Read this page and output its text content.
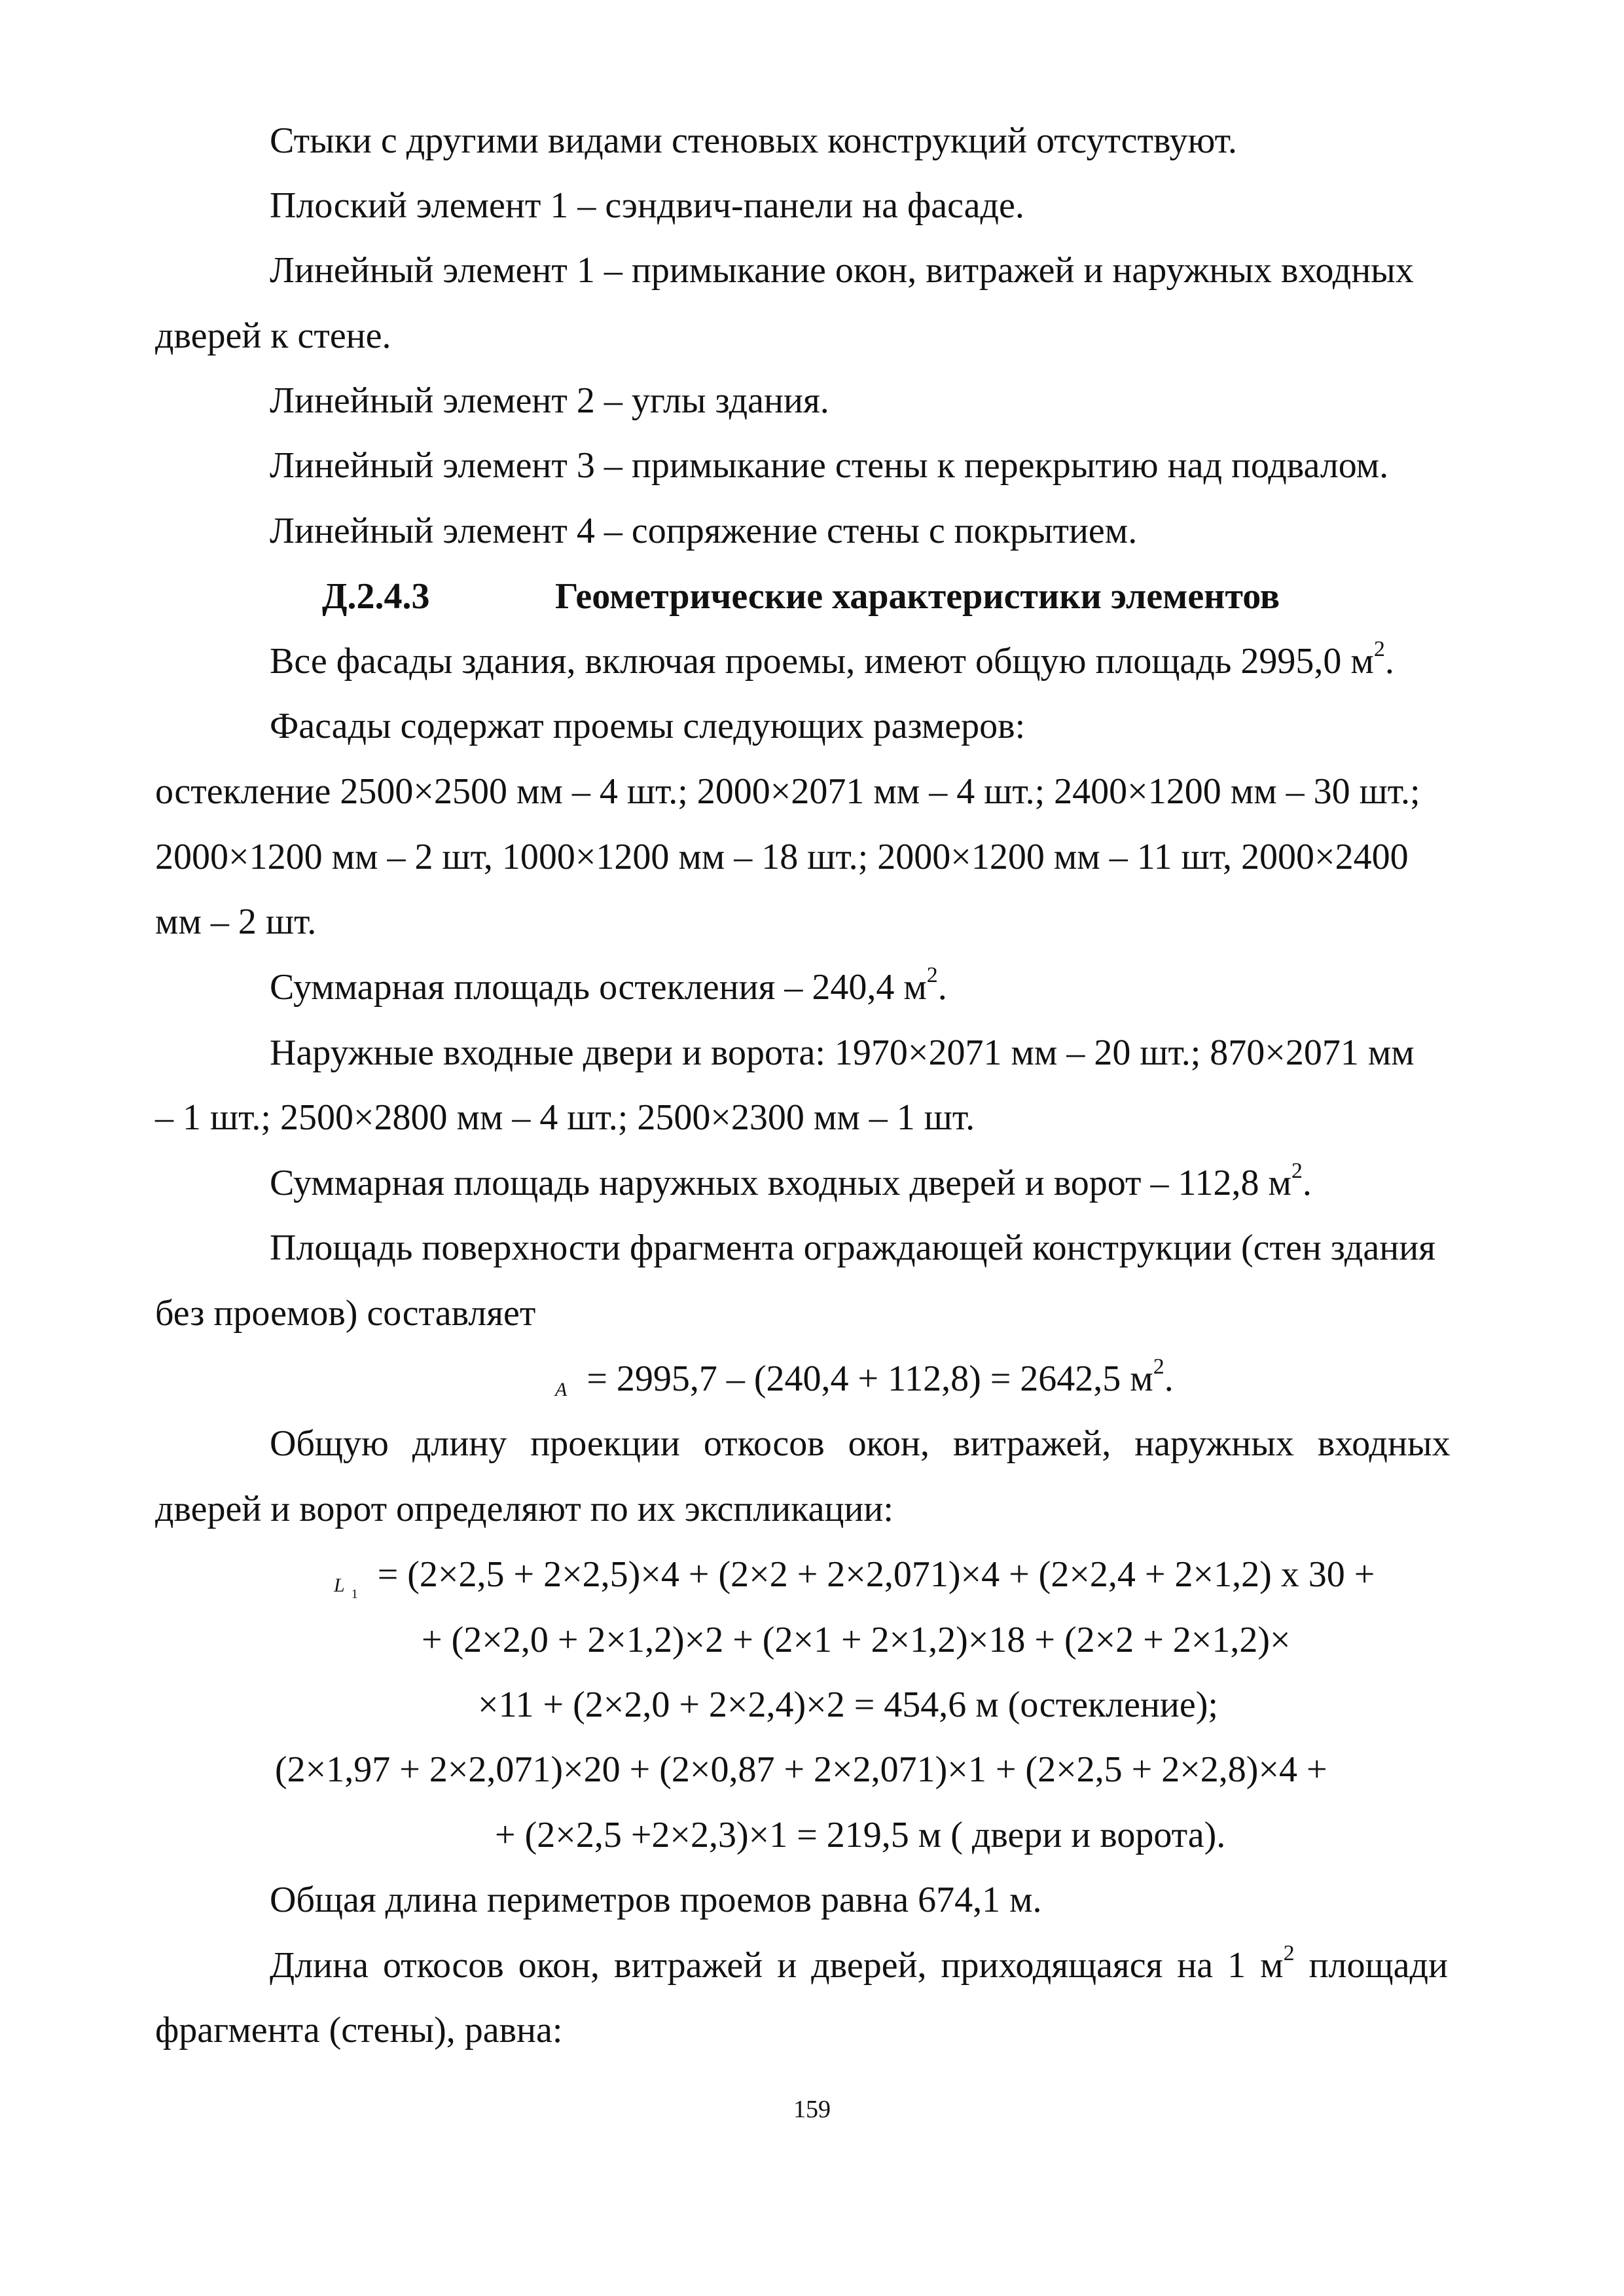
Стыки с другими видами стеновых конструкций отсутствуют.
Плоский элемент 1 – сэндвич-панели на фасаде.
Линейный элемент 1 – примыкание окон, витражей и наружных входных
дверей к стене.
Линейный элемент 2 – углы здания.
Линейный элемент 3 – примыкание стены к перекрытию над подвалом.
Линейный элемент 4 – сопряжение стены с покрытием.
Д.2.4.3	Геометрические характеристики элементов
Все фасады здания, включая проемы, имеют общую площадь 2995,0 $м^2$.
Фасады содержат проемы следующих размеров:
остекление 2500×2500 мм – 4 шт.; 2000×2071 мм – 4 шт.; 2400×1200 мм – 30 шт.;
2000×1200 мм – 2 шт, 1000×1200 мм – 18 шт.; 2000×1200 мм – 11 шт, 2000×2400
мм – 2 шт.
Суммарная площадь остекления – 240,4 $м^2$.
Наружные входные двери и ворота: 1970×2071 мм – 20 шт.; 870×2071 мм
– 1 шт.; 2500×2800 мм – 4 шт.; 2500×2300 мм – 1 шт.
Суммарная площадь наружных входных дверей и ворот – 112,8 $м^2$.
Площадь поверхности фрагмента ограждающей конструкции (стен здания
без проемов) составляет
A = 2995,7 – (240,4 + 112,8) = 2642,5 $м^2$.
Общую длину проекции откосов окон, витражей, наружных входных
дверей и ворот определяют по их экспликации:
L $_1$ = (2×2,5 + 2×2,5)×4 + (2×2 + 2×2,071)×4 + (2×2,4 + 2×1,2) x 30 +
+ (2×2,0 + 2×1,2)×2 + (2×1 + 2×1,2)×18 + (2×2 + 2×1,2)×
×11 + (2×2,0 + 2×2,4)×2 = 454,6 м (остекление);
(2×1,97 + 2×2,071)×20 + (2×0,87 + 2×2,071)×1 + (2×2,5 + 2×2,8)×4 +
+ (2×2,5 +2×2,3)×1 = 219,5 м ( двери и ворота).
Общая длина периметров проемов равна 674,1 м.
Длина откосов окон, витражей и дверей, приходящаяся на 1 $м^2$ площади
фрагмента (стены), равна:
159
